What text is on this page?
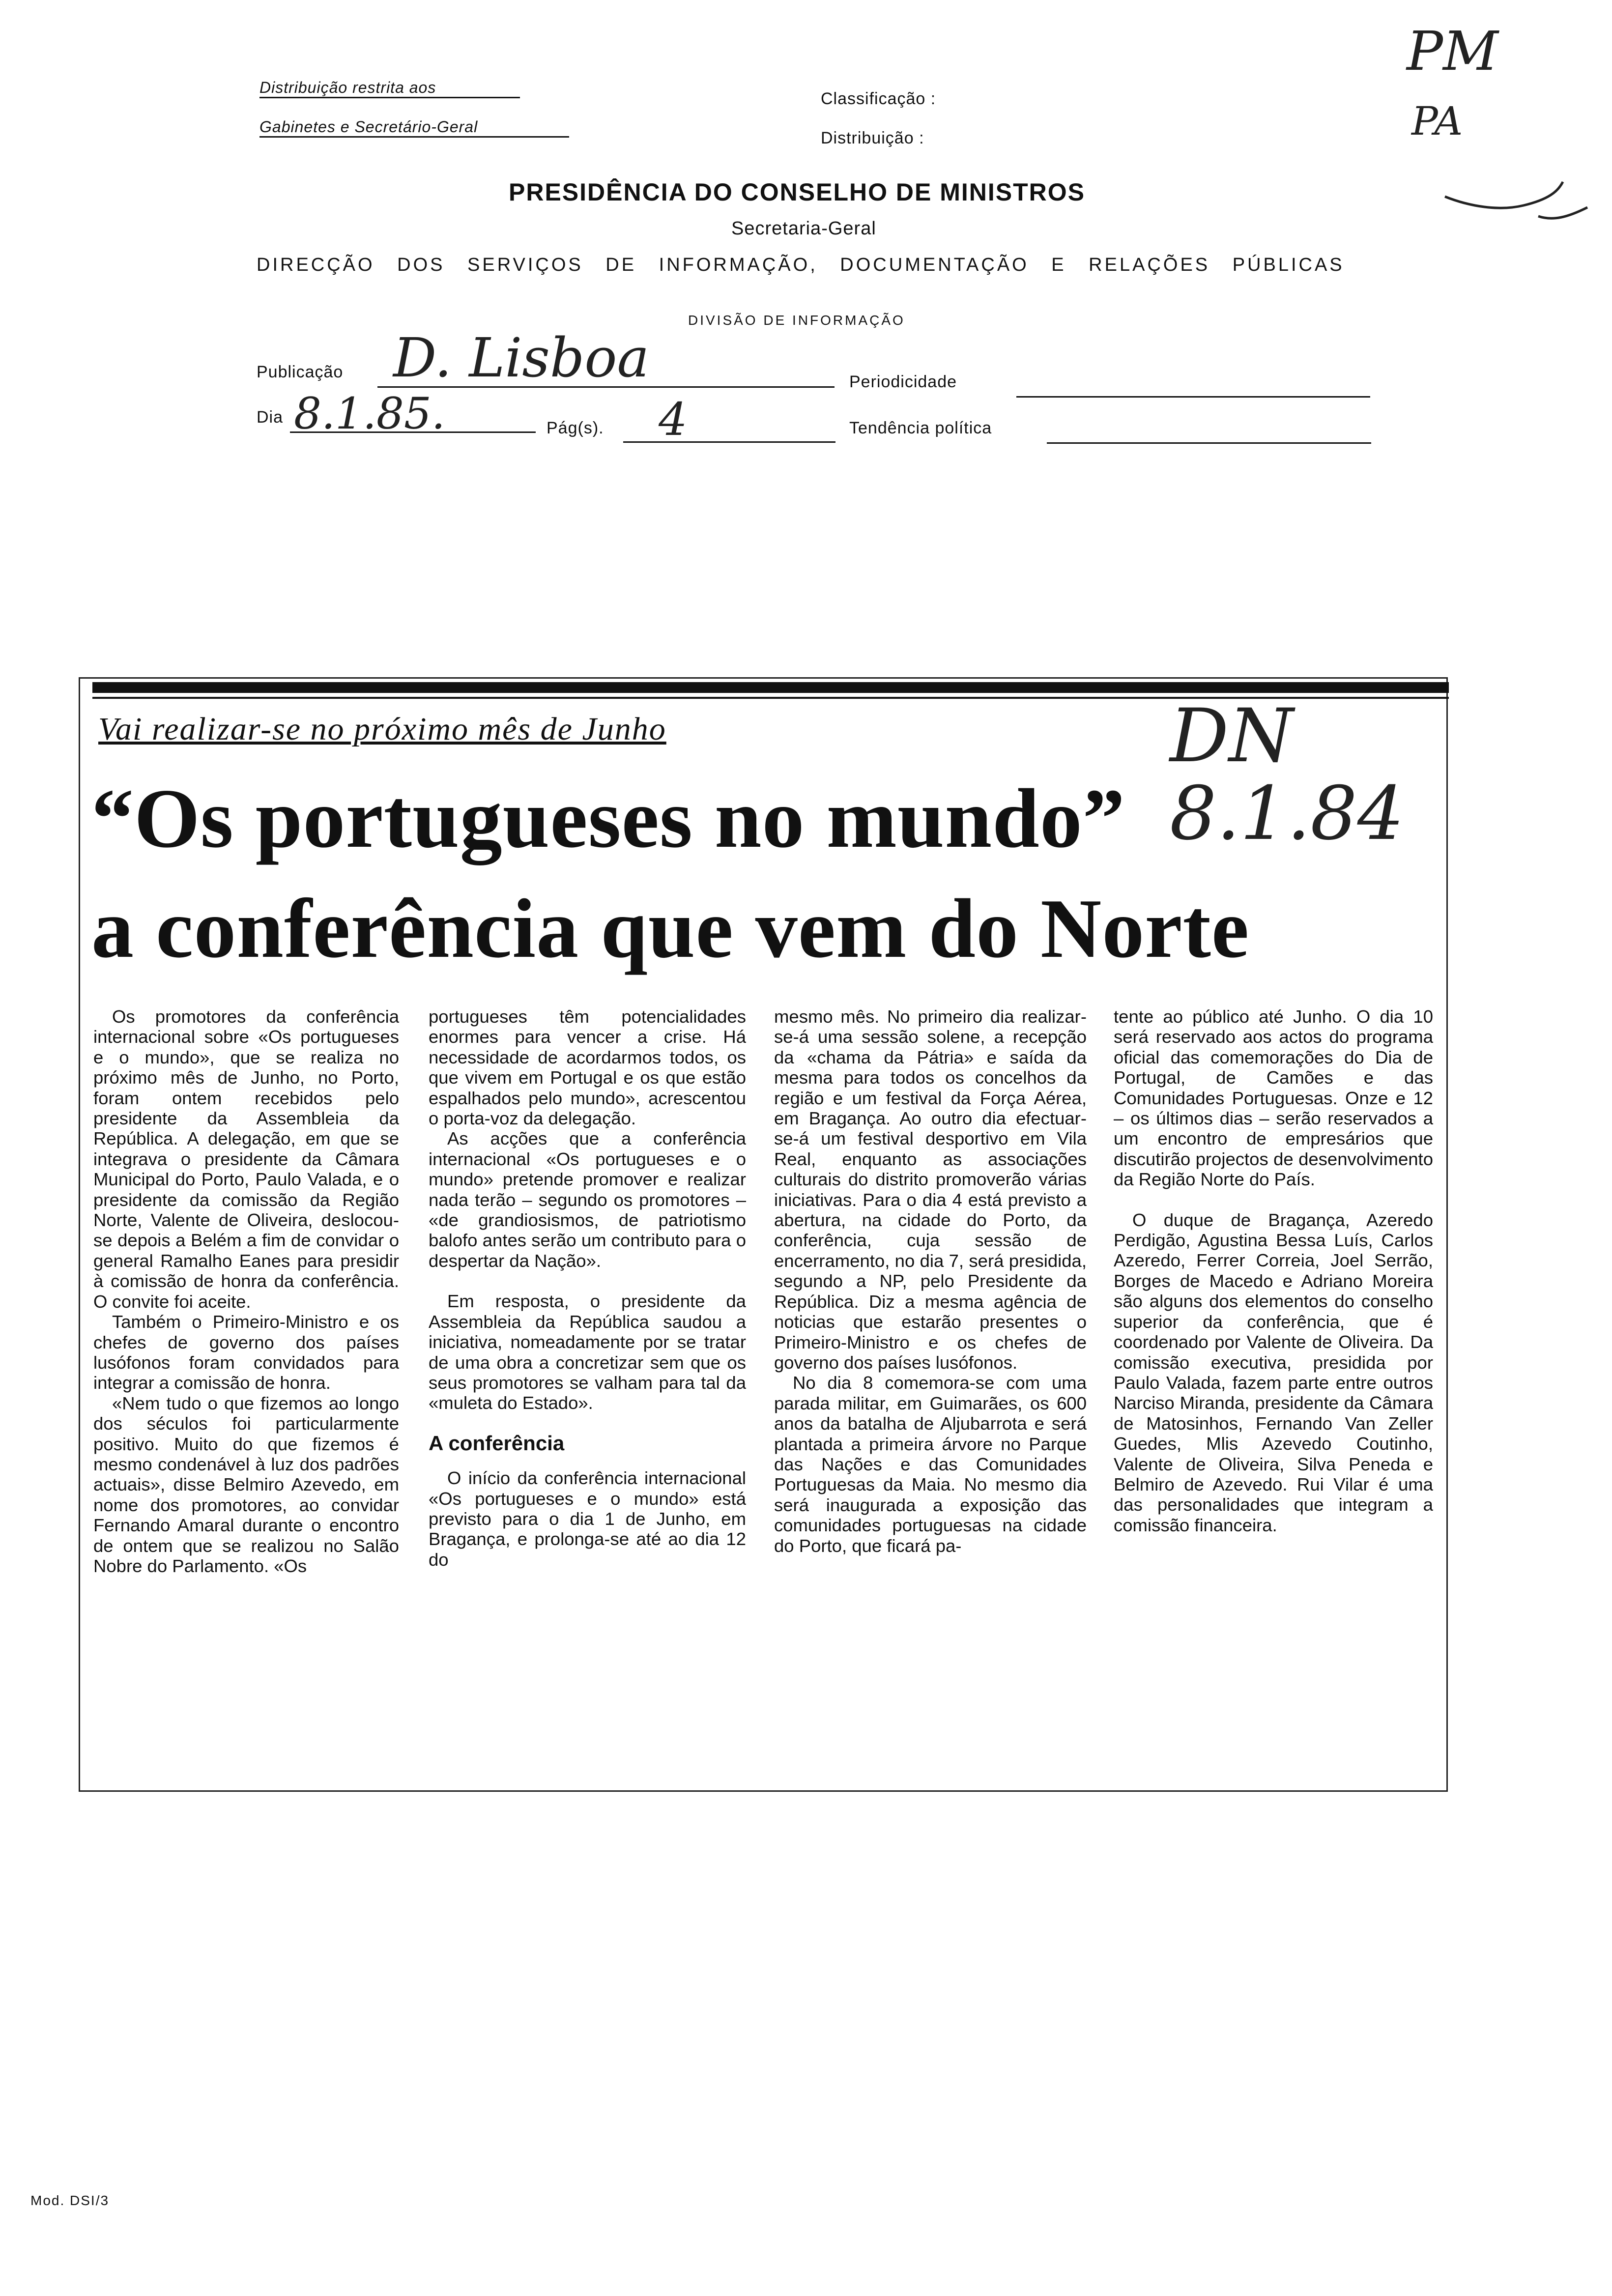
Distribuição restrita aos
Gabinetes e Secretário-Geral
Classificação :
Distribuição :
PRESIDÊNCIA DO CONSELHO DE MINISTROS
Secretaria-Geral
DIRECÇÃO DOS SERVIÇOS DE INFORMAÇÃO, DOCUMENTAÇÃO E RELAÇÕES PÚBLICAS
DIVISÃO DE INFORMAÇÃO
Publicação D. Lisboa	Periodicidade
Dia 8.1.85.	Pág(s). 4	Tendência política
PM
PA
Vai realizar-se no próximo mês de Junho
“Os portugueses no mundo”
a conferência que vem do Norte
DN 8.1.84

Os promotores da conferência internacional sobre «Os portugueses e o mundo», que se realiza no próximo mês de Junho, no Porto, foram ontem recebidos pelo presidente da Assembleia da República. A delegação, em que se integrava o presidente da Câmara Municipal do Porto, Paulo Valada, e o presidente da comissão da Região Norte, Valente de Oliveira, deslocou-se depois a Belém a fim de convidar o general Ramalho Eanes para presidir à comissão de honra da conferência. O convite foi aceite.

Também o Primeiro-Ministro e os chefes de governo dos países lusófonos foram convidados para integrar a comissão de honra.

«Nem tudo o que fizemos ao longo dos séculos foi particularmente positivo. Muito do que fizemos é mesmo condenável à luz dos padrões actuais», disse Belmiro Azevedo, em nome dos promotores, ao convidar Fernando Amaral durante o encontro de ontem que se realizou no Salão Nobre do Parlamento. «Os

portugueses têm potencialidades enormes para vencer a crise. Há necessidade de acordarmos todos, os que vivem em Portugal e os que estão espalhados pelo mundo», acrescentou o porta-voz da delegação.

As acções que a conferência internacional «Os portugueses e o mundo» pretende promover e realizar nada terão – segundo os promotores – «de grandiosismos, de patriotismo balofo antes serão um contributo para o despertar da Nação».

Em resposta, o presidente da Assembleia da República saudou a iniciativa, nomeadamente por se tratar de uma obra a concretizar sem que os seus promotores se valham para tal da «muleta do Estado».

A conferência

O início da conferência internacional «Os portugueses e o mundo» está previsto para o dia 1 de Junho, em Bragança, e prolonga-se até ao dia 12 do

mesmo mês. No primeiro dia realizar-se-á uma sessão solene, a recepção da «chama da Pátria» e saída da mesma para todos os concelhos da região e um festival da Força Aérea, em Bragança. Ao outro dia efectuar-se-á um festival desportivo em Vila Real, enquanto as associações culturais do distrito promoverão várias iniciativas. Para o dia 4 está previsto a abertura, na cidade do Porto, da conferência, cuja sessão de encerramento, no dia 7, será presidida, segundo a NP, pelo Presidente da República. Diz a mesma agência de noticias que estarão presentes o Primeiro-Ministro e os chefes de governo dos países lusófonos.

No dia 8 comemora-se com uma parada militar, em Guimarães, os 600 anos da batalha de Aljubarrota e será plantada a primeira árvore no Parque das Nações e das Comunidades Portuguesas da Maia. No mesmo dia será inaugurada a exposição das comunidades portuguesas na cidade do Porto, que ficará pa-

tente ao público até Junho. O dia 10 será reservado aos actos do programa oficial das comemorações do Dia de Portugal, de Camões e das Comunidades Portuguesas. Onze e 12 – os últimos dias – serão reservados a um encontro de empresários que discutirão projectos de desenvolvimento da Região Norte do País.

O duque de Bragança, Azeredo Perdigão, Agustina Bessa Luís, Carlos Azeredo, Ferrer Correia, Joel Serrão, Borges de Macedo e Adriano Moreira são alguns dos elementos do conselho superior da conferência, que é coordenado por Valente de Oliveira. Da comissão executiva, presidida por Paulo Valada, fazem parte entre outros Narciso Miranda, presidente da Câmara de Matosinhos, Fernando Van Zeller Guedes, Mlis Azevedo Coutinho, Valente de Oliveira, Silva Peneda e Belmiro de Azevedo. Rui Vilar é uma das personalidades que integram a comissão financeira.

Mod. DSI/3
